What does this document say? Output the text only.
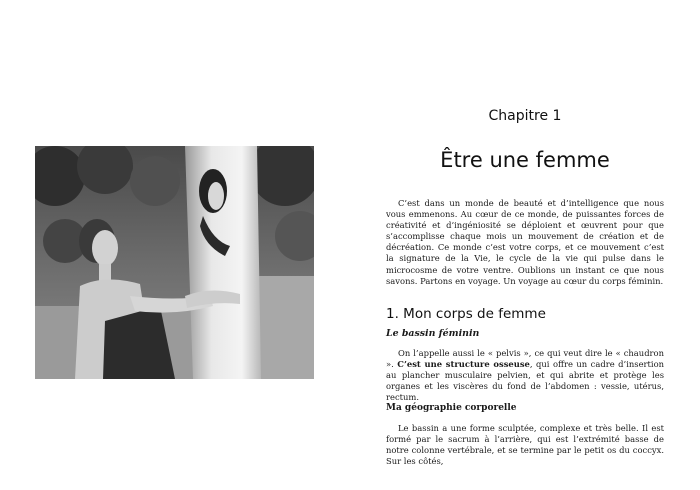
Chapitre 1
Être une femme

C’est dans un monde de beauté et d’intelligence que nous vous emmenons. Au cœur de ce monde, de puissantes forces de créativité et d’ingéniosité se déploient et œuvrent pour que s’accomplisse chaque mois un mouvement de création et de décréation. Ce monde c’est votre corps, et ce mouvement c’est la signature de la Vie, le cycle de la vie qui pulse dans le microcosme de votre ventre. Oublions un instant ce que nous savons. Partons en voyage. Un voyage au cœur du corps féminin.

1. Mon corps de femme
Le bassin féminin

On l’appelle aussi le « pelvis », ce qui veut dire le « chaudron ». C’est une structure osseuse, qui offre un cadre d’insertion au plancher musculaire pelvien, et qui abrite et protège les organes et les viscères du fond de l’abdomen : vessie, utérus, rectum.

Ma géographie corporelle

Le bassin a une forme sculptée, complexe et très belle. Il est formé par le sacrum à l’arrière, qui est l’extrémité basse de notre colonne vertébrale, et se termine par le petit os du coccyx. Sur les côtés,
